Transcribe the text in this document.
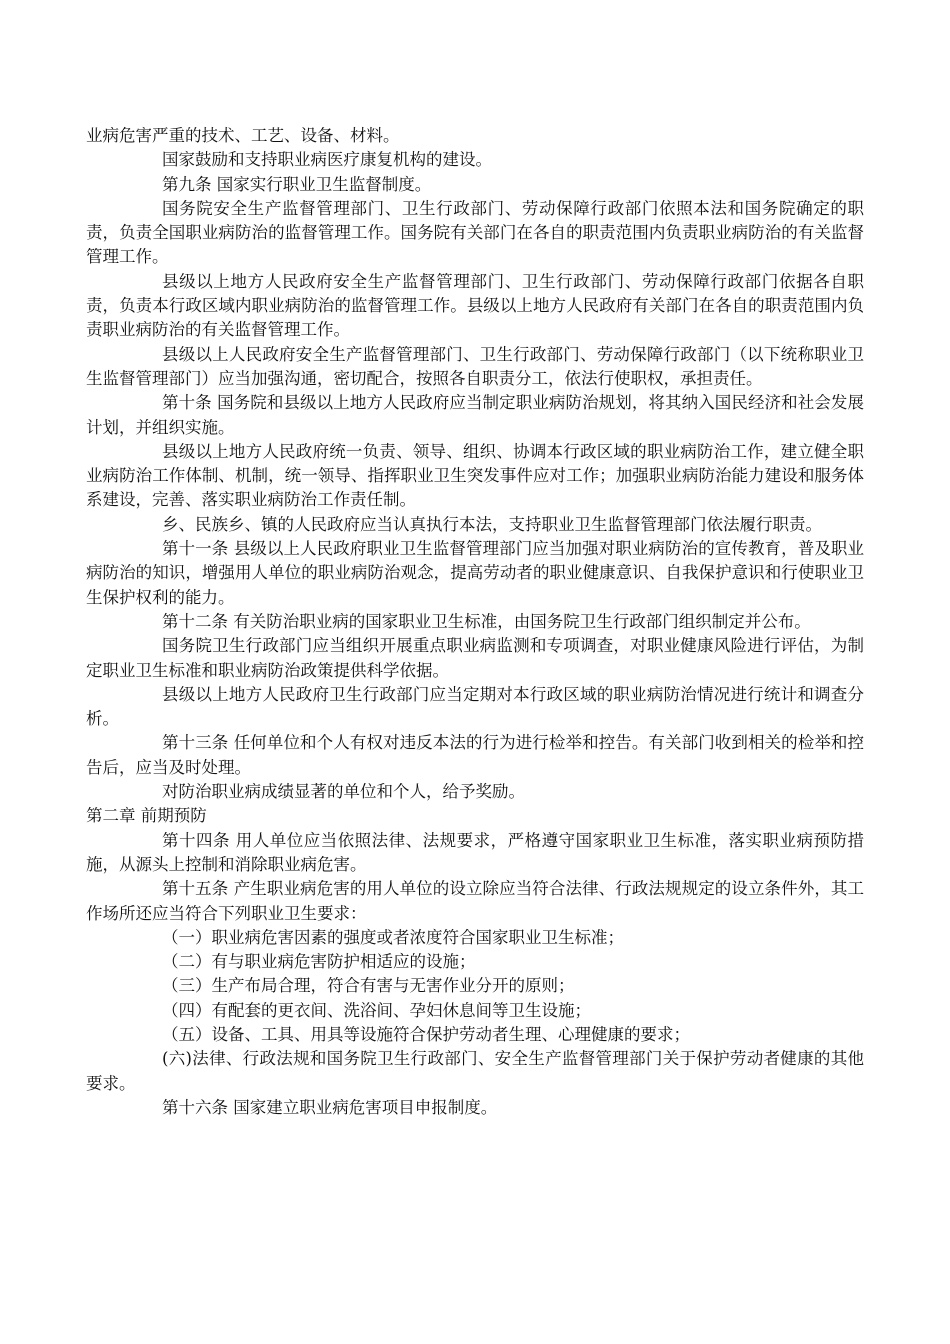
业病危害严重的技术、工艺、设备、材料。

国家鼓励和支持职业病医疗康复机构的建设。

第九条 国家实行职业卫生监督制度。

国务院安全生产监督管理部门、卫生行政部门、劳动保障行政部门依照本法和国务院确定的职责，负责全国职业病防治的监督管理工作。国务院有关部门在各自的职责范围内负责职业病防治的有关监督管理工作。

县级以上地方人民政府安全生产监督管理部门、卫生行政部门、劳动保障行政部门依据各自职责，负责本行政区域内职业病防治的监督管理工作。县级以上地方人民政府有关部门在各自的职责范围内负责职业病防治的有关监督管理工作。

县级以上人民政府安全生产监督管理部门、卫生行政部门、劳动保障行政部门（以下统称职业卫生监督管理部门）应当加强沟通，密切配合，按照各自职责分工，依法行使职权，承担责任。

第十条 国务院和县级以上地方人民政府应当制定职业病防治规划，将其纳入国民经济和社会发展计划，并组织实施。

县级以上地方人民政府统一负责、领导、组织、协调本行政区域的职业病防治工作，建立健全职业病防治工作体制、机制，统一领导、指挥职业卫生突发事件应对工作；加强职业病防治能力建设和服务体系建设，完善、落实职业病防治工作责任制。

乡、民族乡、镇的人民政府应当认真执行本法，支持职业卫生监督管理部门依法履行职责。

第十一条 县级以上人民政府职业卫生监督管理部门应当加强对职业病防治的宣传教育，普及职业病防治的知识，增强用人单位的职业病防治观念，提高劳动者的职业健康意识、自我保护意识和行使职业卫生保护权利的能力。

第十二条 有关防治职业病的国家职业卫生标准，由国务院卫生行政部门组织制定并公布。

国务院卫生行政部门应当组织开展重点职业病监测和专项调查，对职业健康风险进行评估，为制定职业卫生标准和职业病防治政策提供科学依据。

县级以上地方人民政府卫生行政部门应当定期对本行政区域的职业病防治情况进行统计和调查分析。

第十三条 任何单位和个人有权对违反本法的行为进行检举和控告。有关部门收到相关的检举和控告后，应当及时处理。

对防治职业病成绩显著的单位和个人，给予奖励。

第二章 前期预防

第十四条 用人单位应当依照法律、法规要求，严格遵守国家职业卫生标准，落实职业病预防措施，从源头上控制和消除职业病危害。

第十五条 产生职业病危害的用人单位的设立除应当符合法律、行政法规规定的设立条件外，其工作场所还应当符合下列职业卫生要求：

（一）职业病危害因素的强度或者浓度符合国家职业卫生标准；

（二）有与职业病危害防护相适应的设施；

（三）生产布局合理，符合有害与无害作业分开的原则；

（四）有配套的更衣间、洗浴间、孕妇休息间等卫生设施；

（五）设备、工具、用具等设施符合保护劳动者生理、心理健康的要求；

(六)法律、行政法规和国务院卫生行政部门、安全生产监督管理部门关于保护劳动者健康的其他要求。

第十六条 国家建立职业病危害项目申报制度。
